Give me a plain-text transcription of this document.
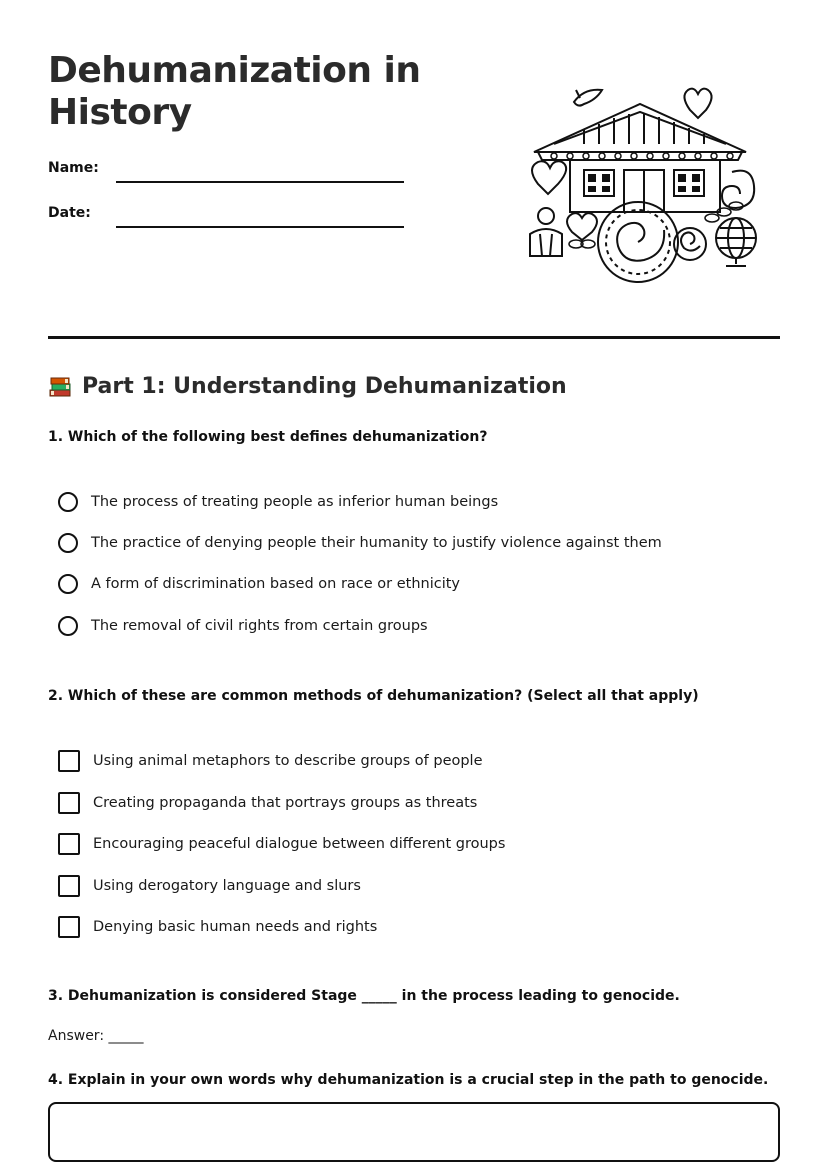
Dehumanization in History
Name:
Date:
Part 1: Understanding Dehumanization
1. Which of the following best defines dehumanization?
The process of treating people as inferior human beings
The practice of denying people their humanity to justify violence against them
A form of discrimination based on race or ethnicity
The removal of civil rights from certain groups
2. Which of these are common methods of dehumanization? (Select all that apply)
Using animal metaphors to describe groups of people
Creating propaganda that portrays groups as threats
Encouraging peaceful dialogue between different groups
Using derogatory language and slurs
Denying basic human needs and rights
3. Dehumanization is considered Stage _____ in the process leading to genocide.
Answer: _____
4. Explain in your own words why dehumanization is a crucial step in the path to genocide.
